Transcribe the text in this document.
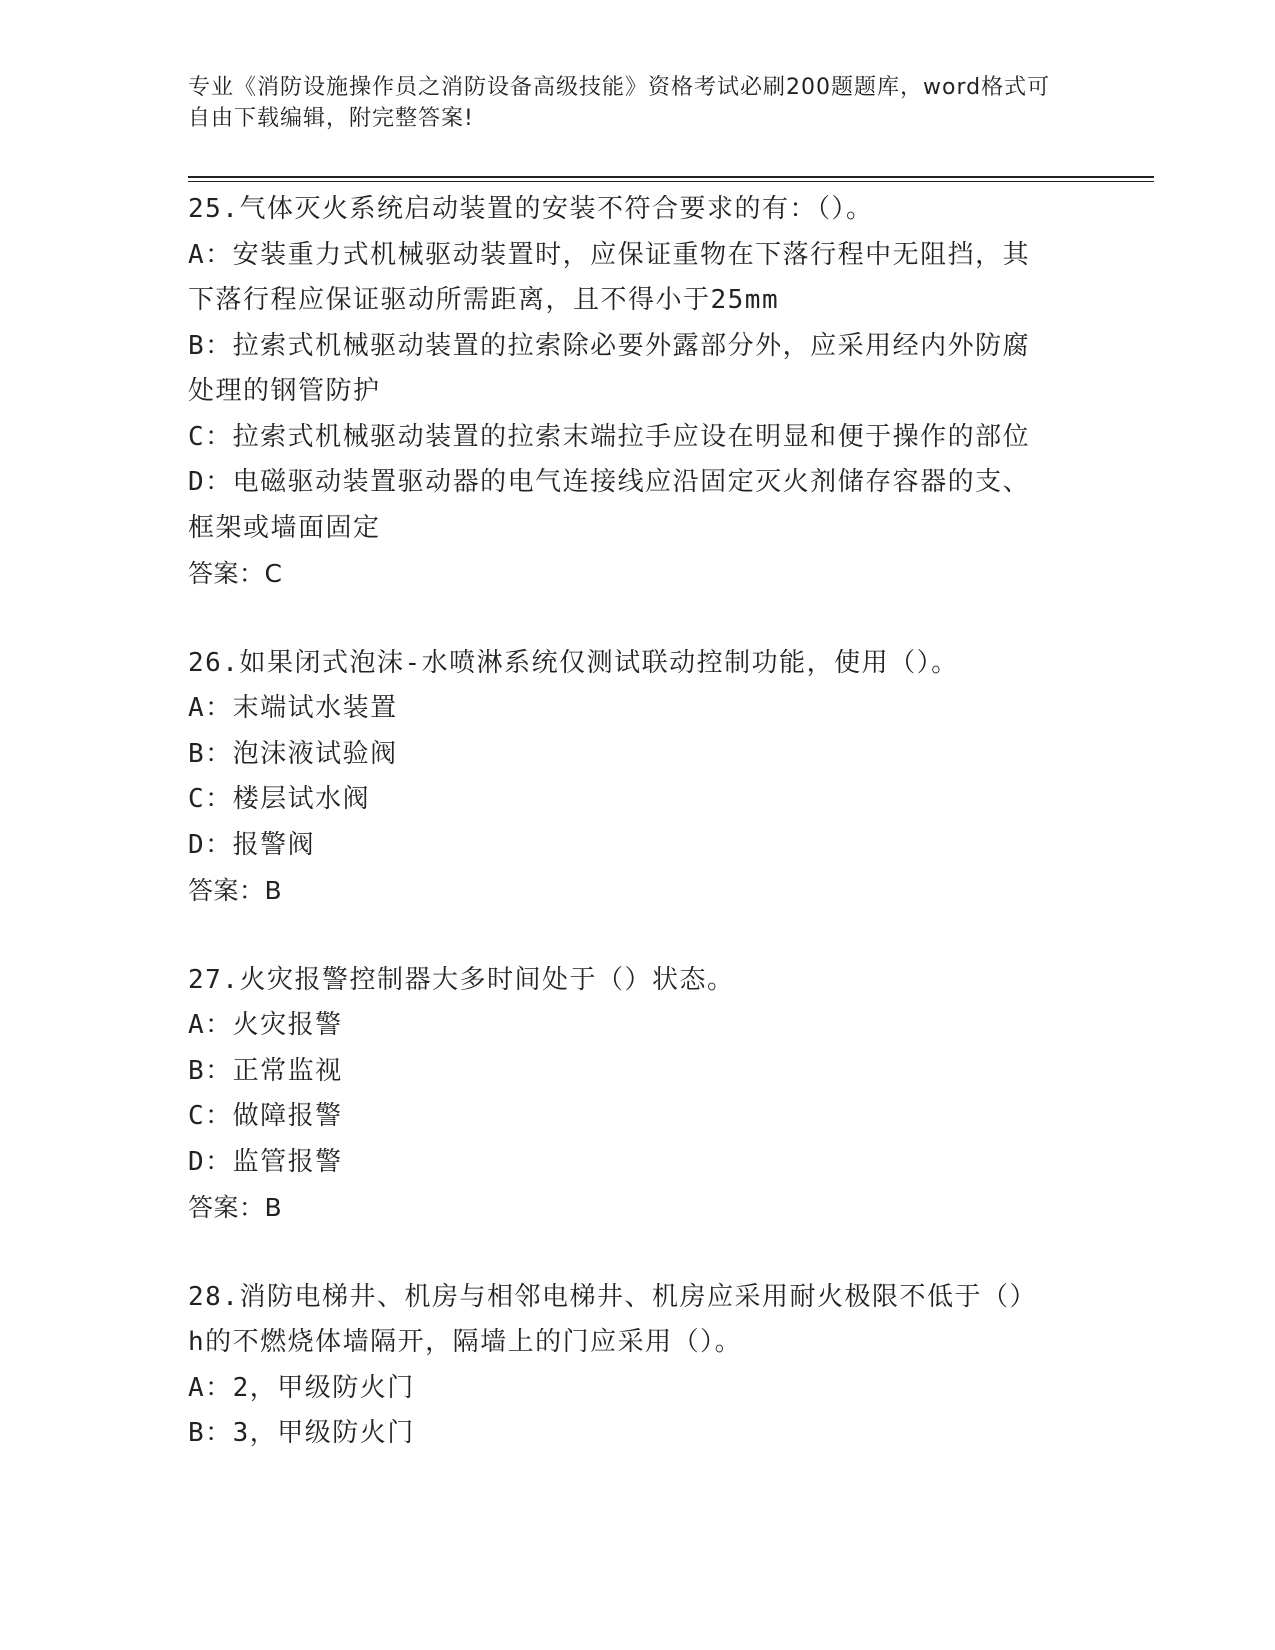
专业《消防设施操作员之消防设备高级技能》资格考试必刷200题题库，word格式可自由下载编辑，附完整答案!
25.气体灭火系统启动装置的安装不符合要求的有：（）。
A：安装重力式机械驱动装置时，应保证重物在下落行程中无阻挡，其
下落行程应保证驱动所需距离，且不得小于25mm
B：拉索式机械驱动装置的拉索除必要外露部分外，应采用经内外防腐
处理的钢管防护
C：拉索式机械驱动装置的拉索末端拉手应设在明显和便于操作的部位
D：电磁驱动装置驱动器的电气连接线应沿固定灭火剂储存容器的支、
框架或墙面固定
答案：C
26.如果闭式泡沫-水喷淋系统仅测试联动控制功能，使用（）。
A：末端试水装置
B：泡沫液试验阀
C：楼层试水阀
D：报警阀
答案：B
27.火灾报警控制器大多时间处于（）状态。
A：火灾报警
B：正常监视
C：做障报警
D：监管报警
答案：B
28.消防电梯井、机房与相邻电梯井、机房应采用耐火极限不低于（）
h的不燃烧体墙隔开，隔墙上的门应采用（）。
A：2，甲级防火门
B：3，甲级防火门
